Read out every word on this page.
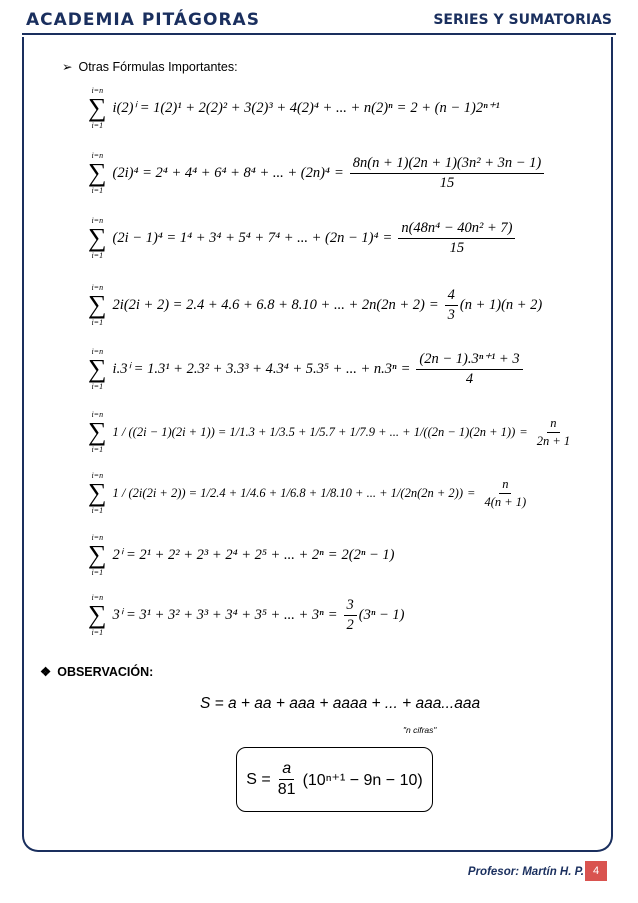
ACADEMIA PITÁGORAS	SERIES Y SUMATORIAS
➢ Otras Fórmulas Importantes:
i=n
∑
i=1
i(2)ⁱ = 1(2)¹ + 2(2)² + 3(2)³ + 4(2)⁴ + ... + n(2)ⁿ = 2 + (n − 1)2ⁿ⁺¹
i=n
∑
i=1
(2i)⁴ = 2⁴ + 4⁴ + 6⁴ + 8⁴ + ... + $(2n)^4 = \frac{\text{8n(n + 1)(2n + 1)(3n² + 3n − 1)}}{15}$
i=n
∑
i=1
(2i − 1)⁴ = 1⁴ + 3⁴ + 5⁴ + 7⁴ + ... + $(2n - 1)^4 = \frac{\text{n(48n⁴ − 40n² + 7)}}{15}$
i=n
∑
i=1
2i(2i + 2) = 2.4 + 4.6 + 6.8 + 8.10 + ... + $2n(2n + 2) = \frac{4}{3} (n + 1)(n + 2)$
i=n
∑
i=1
i.3ⁱ = 1.3¹ + 2.3² + 3.3³ + 4.3⁴ + 5.3⁵ + ... + $n.3^n = \frac{\text{(2n − 1).3ⁿ⁺¹ + 3}}{4}$
i=n
∑
i=1
1 / ((2i − 1)(2i + 1)) = 1/1.3 + 1/3.5 + 1/5.7 + 1/7.9 + ... + $1/((2n - 1)(2n + 1)) = \frac{n}{2n + 1}$
i=n
∑
i=1
1 / (2i(2i + 2)) = 1/2.4 + 1/4.6 + 1/6.8 + 1/8.10 + ... + $1/(2n(2n + 2)) = \frac{n}{4(n + 1)}$
i=n
∑
i=1
2ⁱ = 2¹ + 2² + 2³ + 2⁴ + 2⁵ + ... + 2ⁿ = 2(2ⁿ − 1)
i=n
∑
i=1
3ⁱ = 3¹ + 3² + 3³ + 3⁴ + 3⁵ + ... + $3^n = \frac{3}{2} (3^n - 1)$
❖ OBSERVACIÓN:
S = a + aa + aaa + aaaa + ... + aaa...aaa
"n cifras"
$S = \frac{a}{81} (10^{n+1} - 9n - 10)$
Profesor: Martín H. P. 4
